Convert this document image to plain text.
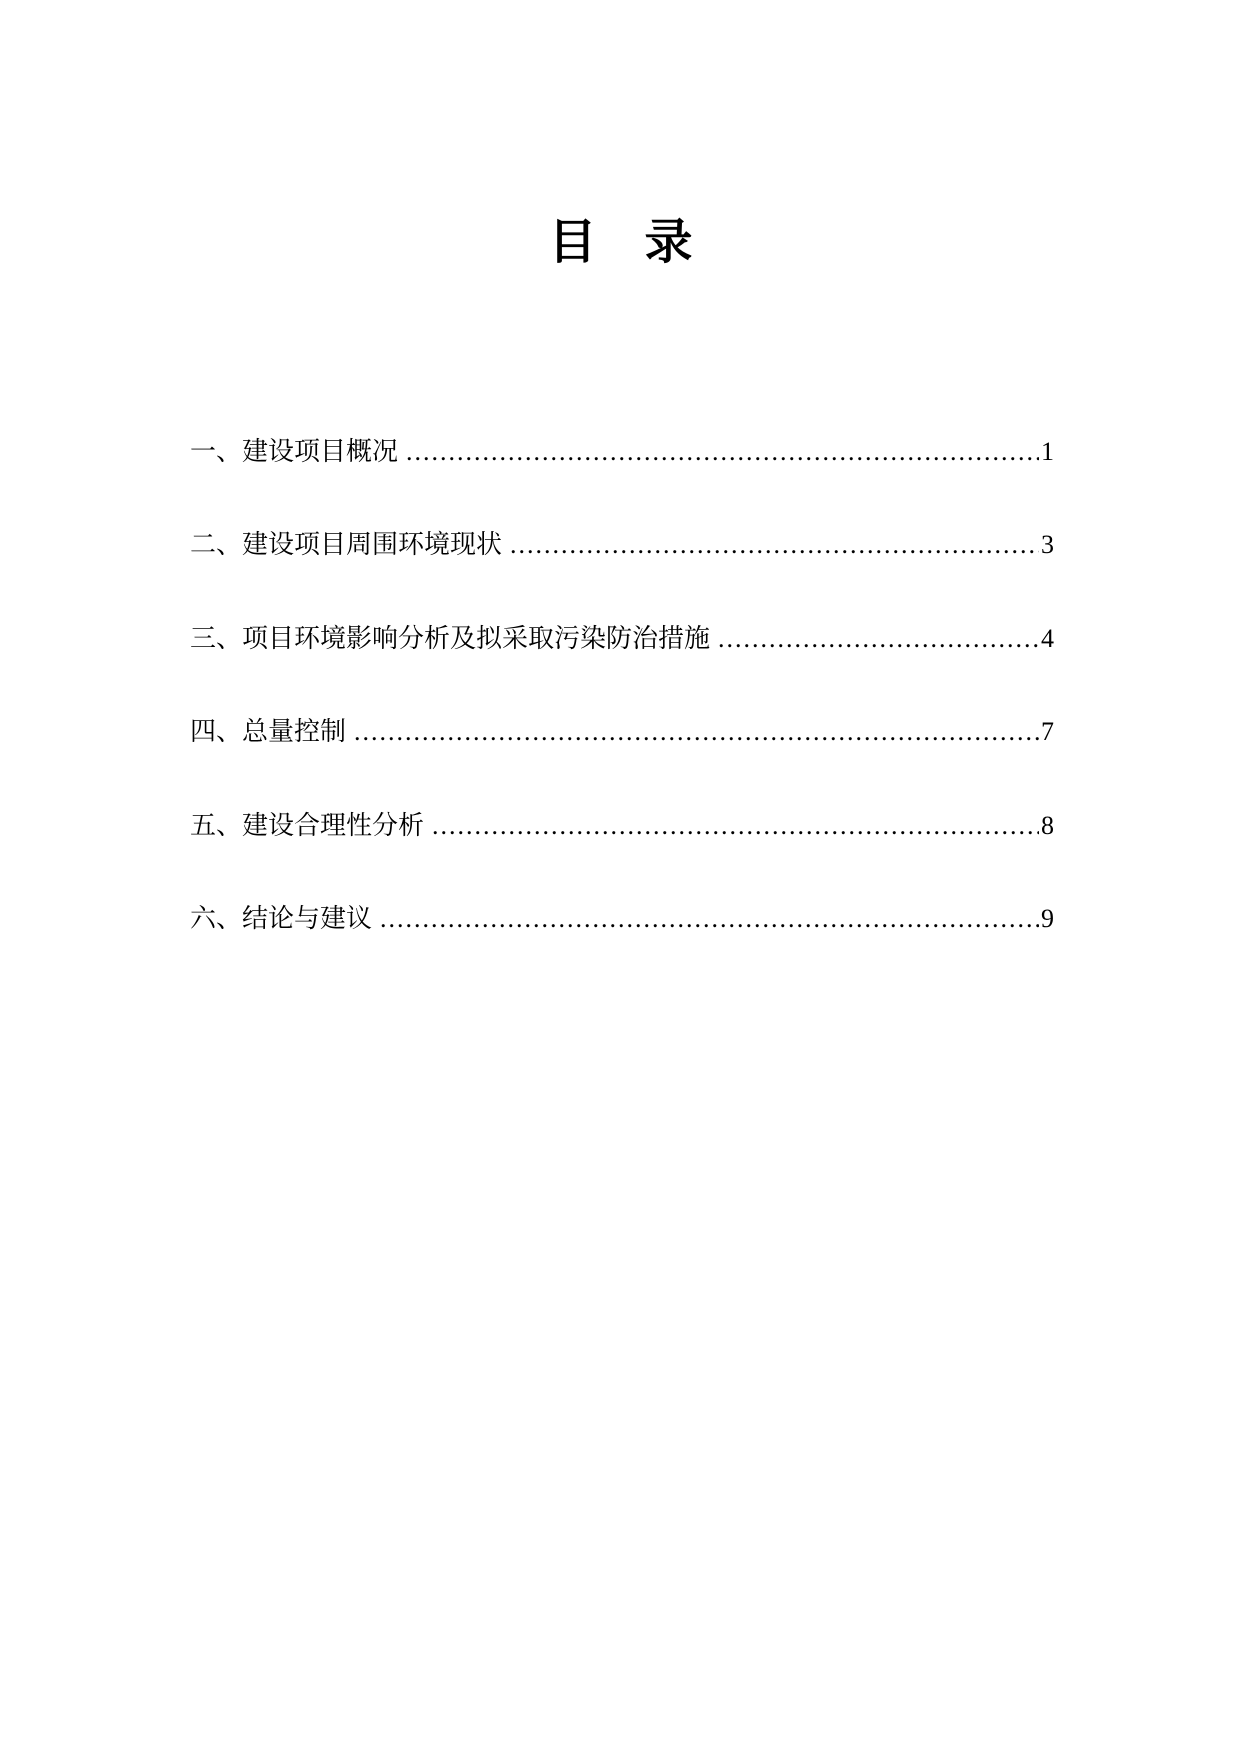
目 录
一、建设项目概况 .....	1
二、建设项目周围环境现状 .....	3
三、项目环境影响分析及拟采取污染防治措施 .....	4
四、总量控制 .....	7
五、建设合理性分析 .....	8
六、结论与建议 .....	9
